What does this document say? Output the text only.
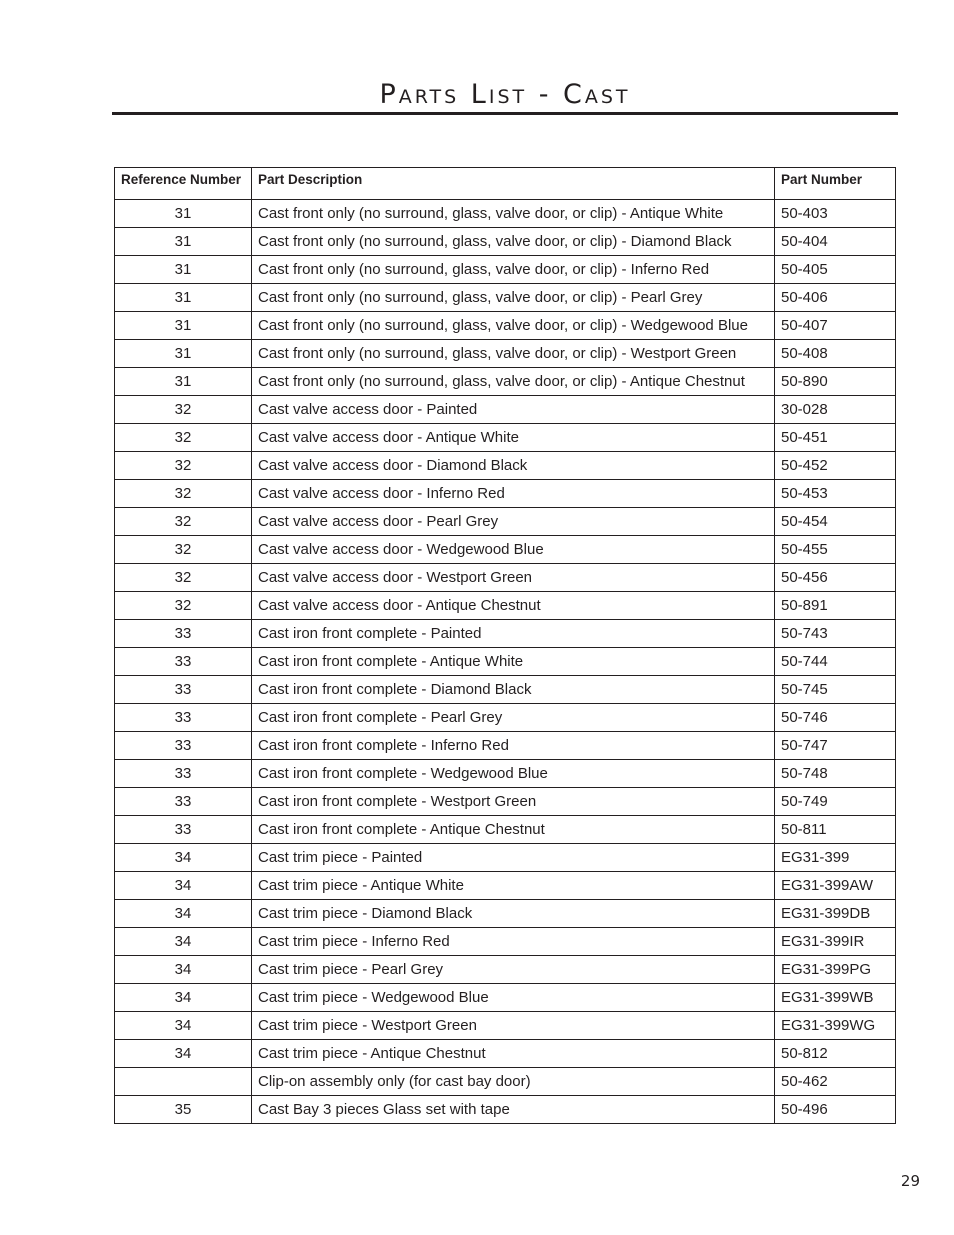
Parts List - Cast
Reference Number	Part Description	Part Number
31	Cast front only (no surround, glass, valve door, or clip) - Antique White	50-403
31	Cast front only (no surround, glass, valve door, or clip) - Diamond Black	50-404
31	Cast front only (no surround, glass, valve door, or clip) - Inferno Red	50-405
31	Cast front only (no surround, glass, valve door, or clip) - Pearl Grey	50-406
31	Cast front only (no surround, glass, valve door, or clip) - Wedgewood Blue	50-407
31	Cast front only (no surround, glass, valve door, or clip) - Westport Green	50-408
31	Cast front only (no surround, glass, valve door, or clip) - Antique Chestnut	50-890
32	Cast valve access door - Painted	30-028
32	Cast valve access door - Antique White	50-451
32	Cast valve access door - Diamond Black	50-452
32	Cast valve access door - Inferno Red	50-453
32	Cast valve access door - Pearl Grey	50-454
32	Cast valve access door - Wedgewood Blue	50-455
32	Cast valve access door - Westport Green	50-456
32	Cast valve access door - Antique Chestnut	50-891
33	Cast iron front complete - Painted	50-743
33	Cast iron front complete - Antique White	50-744
33	Cast iron front complete - Diamond Black	50-745
33	Cast iron front complete - Pearl Grey	50-746
33	Cast iron front complete - Inferno Red	50-747
33	Cast iron front complete - Wedgewood Blue	50-748
33	Cast iron front complete - Westport Green	50-749
33	Cast iron front complete - Antique Chestnut	50-811
34	Cast trim piece - Painted	EG31-399
34	Cast trim piece - Antique White	EG31-399AW
34	Cast trim piece - Diamond Black	EG31-399DB
34	Cast trim piece - Inferno Red	EG31-399IR
34	Cast trim piece - Pearl Grey	EG31-399PG
34	Cast trim piece - Wedgewood Blue	EG31-399WB
34	Cast trim piece - Westport Green	EG31-399WG
34	Cast trim piece - Antique Chestnut	50-812
	Clip-on assembly only (for cast bay door)	50-462
35	Cast Bay 3 pieces Glass set with tape	50-496
29
